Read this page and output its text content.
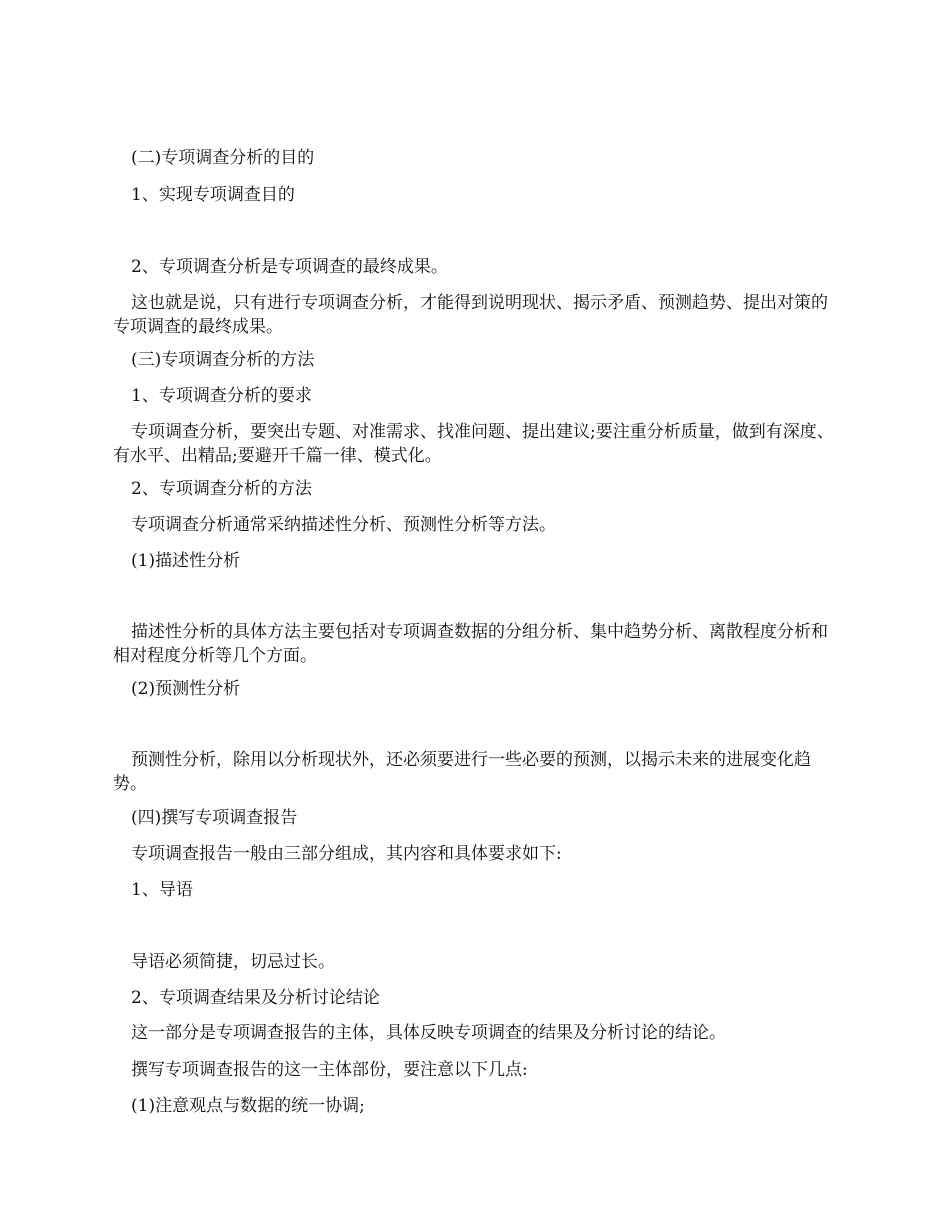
(二)专项调查分析的目的

1、实现专项调查目的

2、专项调查分析是专项调查的最终成果。

这也就是说，只有进行专项调查分析，才能得到说明现状、揭示矛盾、预测趋势、提出对策的专项调查的最终成果。

(三)专项调查分析的方法

1、专项调查分析的要求

专项调查分析，要突出专题、对准需求、找准问题、提出建议;要注重分析质量，做到有深度、有水平、出精品;要避开千篇一律、模式化。

2、专项调查分析的方法

专项调查分析通常采纳描述性分析、预测性分析等方法。

(1)描述性分析

描述性分析的具体方法主要包括对专项调查数据的分组分析、集中趋势分析、离散程度分析和相对程度分析等几个方面。

(2)预测性分析

预测性分析，除用以分析现状外，还必须要进行一些必要的预测，以揭示未来的进展变化趋势。

(四)撰写专项调查报告

专项调查报告一般由三部分组成，其内容和具体要求如下:

1、导语

导语必须简捷，切忌过长。

2、专项调查结果及分析讨论结论

这一部分是专项调查报告的主体，具体反映专项调查的结果及分析讨论的结论。

撰写专项调查报告的这一主体部份，要注意以下几点:

(1)注意观点与数据的统一协调;
